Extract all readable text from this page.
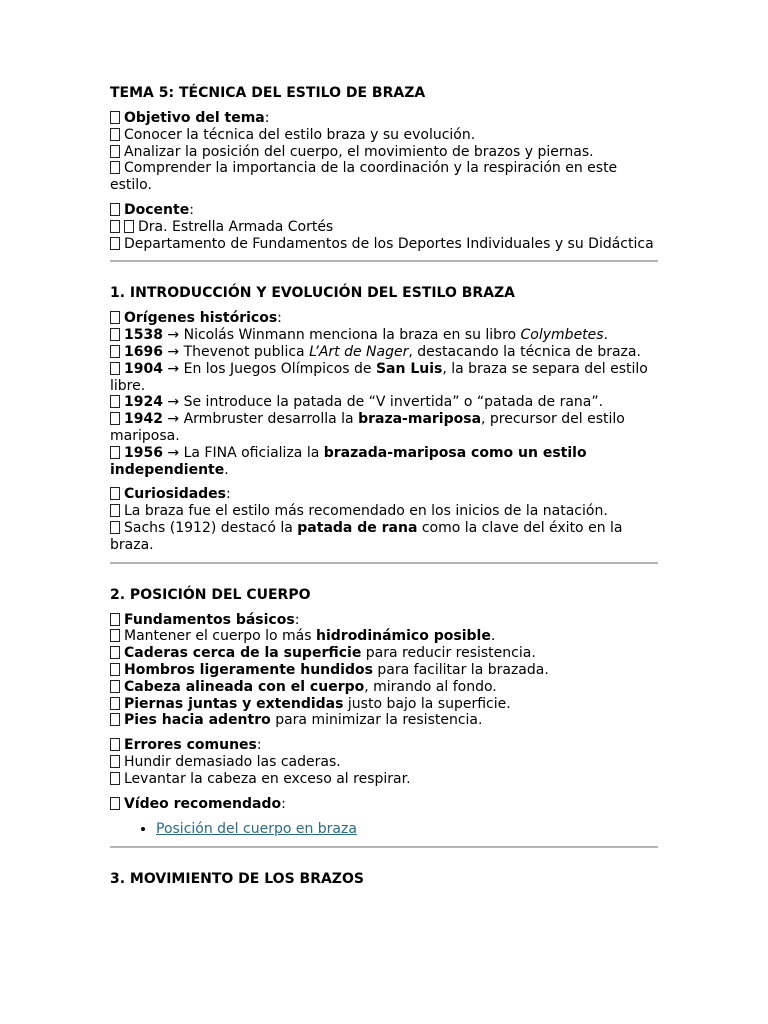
TEMA 5: TÉCNICA DEL ESTILO DE BRAZA
Objetivo del tema:
Conocer la técnica del estilo braza y su evolución.
Analizar la posición del cuerpo, el movimiento de brazos y piernas.
Comprender la importancia de la coordinación y la respiración en este estilo.
Docente:
Dra. Estrella Armada Cortés
Departamento de Fundamentos de los Deportes Individuales y su Didáctica
1. INTRODUCCIÓN Y EVOLUCIÓN DEL ESTILO BRAZA
Orígenes históricos:
1538 → Nicolás Winmann menciona la braza en su libro Colymbetes.
1696 → Thevenot publica L’Art de Nager, destacando la técnica de braza.
1904 → En los Juegos Olímpicos de San Luis, la braza se separa del estilo libre.
1924 → Se introduce la patada de “V invertida” o “patada de rana”.
1942 → Armbruster desarrolla la braza-mariposa, precursor del estilo mariposa.
1956 → La FINA oficializa la brazada-mariposa como un estilo independiente.
Curiosidades:
La braza fue el estilo más recomendado en los inicios de la natación.
Sachs (1912) destacó la patada de rana como la clave del éxito en la braza.
2. POSICIÓN DEL CUERPO
Fundamentos básicos:
Mantener el cuerpo lo más hidrodinámico posible.
Caderas cerca de la superficie para reducir resistencia.
Hombros ligeramente hundidos para facilitar la brazada.
Cabeza alineada con el cuerpo, mirando al fondo.
Piernas juntas y extendidas justo bajo la superficie.
Pies hacia adentro para minimizar la resistencia.
Errores comunes:
Hundir demasiado las caderas.
Levantar la cabeza en exceso al respirar.
Vídeo recomendado:
• Posición del cuerpo en braza
3. MOVIMIENTO DE LOS BRAZOS
